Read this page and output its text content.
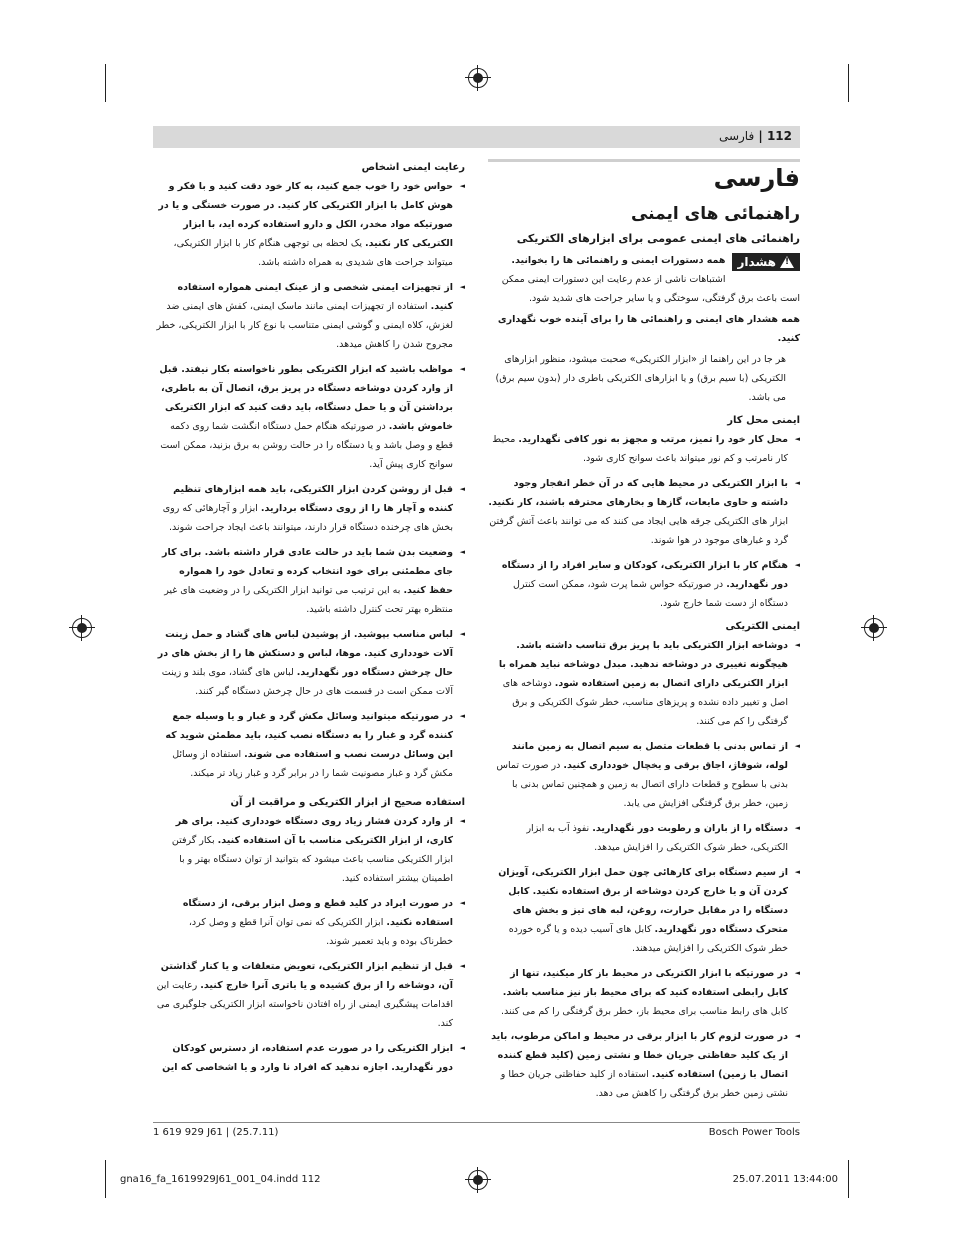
112 | فارسی
فارسی
راهنمائی های ایمنی
راهنمائی های ایمنی عمومی برای ابزارهای الکتریکی
!
هشدار

همه دستورات ایمنی و راهنمائی ها را بخوانید. اشتباهات ناشی از عدم رعایت این دستورات ایمنی ممکن است باعث برق گرفتگی، سوختگی و یا سایر جراحت های شدید شود.

همه هشدار های ایمنی و راهنمائی ها را برای آینده خوب نگهداری کنید.

هر جا در این راهنما از «ابزار الکتریکی» صحبت میشود، منظور ابزارهای الکتریکی (با سیم برق) و یا ابزارهای الکتریکی باطری دار (بدون سیم برق) می باشد.

ایمنی محل کار
◄ محل کار خود را تمیز، مرتب و مجهز به نور کافی نگهدارید. محیط کار نامرتب و کم نور میتواند باعث سوانح کاری شود.
◄ با ابزار الکتریکی در محیط هایی که در آن خطر انفجار وجود داشته و حاوی مایعات، گازها و بخارهای محترقه باشند، کار نکنید. ابزار های الکتریکی جرقه هایی ایجاد می کنند که می توانند باعث آتش گرفتن گرد و غبارهای موجود در هوا شوند.
◄ هنگام کار با ابزار الکتریکی، کودکان و سایر افراد را از دستگاه دور نگهدارید. در صورتیکه حواس شما پرت شود، ممکن است کنترل دستگاه از دست شما خارج شود.
ایمنی الکتریکی
◄ دوشاخه ابزار الکتریکی باید با پریز برق تناسب داشته باشد. هیچگونه تغییری در دوشاخه ندهید. مبدل دوشاخه نباید همراه با ابزار الکتریکی دارای اتصال به زمین استفاده شود. دوشاخه های اصل و تغییر داده نشده و پریزهای مناسب، خطر شوک الکتریکی و برق گرفتگی را کم می کنند.
◄ از تماس بدنی با قطعات متصل به سیم اتصال به زمین مانند لوله، شوفاژ، اجاق برقی و یخچال خودداری کنید. در صورت تماس بدنی با سطوح و قطعات دارای اتصال به زمین و همچنین تماس بدنی با زمین، خطر برق گرفتگی افزایش می یابد.
◄ دستگاه را از باران و رطوبت دور نگهدارید. نفوذ آب به ابزار الکتریکی، خطر شوک الکتریکی را افزایش میدهد.
◄ از سیم دستگاه برای کارهائی چون حمل ابزار الکتریکی، آویزان کردن آن و یا خارج کردن دوشاخه از برق استفاده نکنید. کابل دستگاه را در مقابل حرارت، روغن، لبه های تیز و بخش های متحرک دستگاه دور نگهدارید. کابل های آسیب دیده و یا گره خورده خطر شوک الکتریکی را افزایش میدهند.
◄ در صورتیکه با ابزار الکتریکی در محیط باز کار میکنید، تنها از کابل رابطی استفاده کنید که برای محیط باز نیز مناسب باشد. کابل های رابط مناسب برای محیط باز، خطر برق گرفتگی را کم می کنند.
◄ در صورت لزوم کار با ابزار برقی در محیط و اماکن مرطوب، باید از یک کلید حفاظتی جریان خطا و نشتی زمین (کلید قطع کننده اتصال با زمین) استفاده کنید. استفاده از کلید حفاظتی جریان خطا و نشتی زمین خطر برق گرفتگی را کاهش می دهد.
رعایت ایمنی اشخاص
◄ حواس خود را خوب جمع کنید، به کار خود دقت کنید و با فکر و هوش کامل با ابزار الکتریکی کار کنید. در صورت خستگی و یا در صورتیکه مواد مخدر، الکل و دارو استفاده کرده اید، با ابزار الکتریکی کار نکنید. یک لحظه بی توجهی هنگام کار با ابزار الکتریکی، میتواند جراحت های شدیدی به همراه داشته باشد.
◄ از تجهیزات ایمنی شخصی و از عینک ایمنی همواره استفاده کنید. استفاده از تجهیزات ایمنی مانند ماسک ایمنی، کفش های ایمنی ضد لغزش، کلاه ایمنی و گوشی ایمنی متناسب با نوع کار با ابزار الکتریکی، خطر مجروح شدن را کاهش میدهد.
◄ مواظب باشید که ابزار الکتریکی بطور ناخواسته بکار نیفتد. قبل از وارد کردن دوشاخه دستگاه در پریز برق، اتصال آن به باطری، برداشتن آن و یا حمل دستگاه، باید دقت کنید که ابزار الکتریکی خاموش باشد. در صورتیکه هنگام حمل دستگاه انگشت شما روی دکمه قطع و وصل باشد و یا دستگاه را در حالت روشن به برق بزنید، ممکن است سوانح کاری پیش آید.
◄ قبل از روشن کردن ابزار الکتریکی، باید همه ابزارهای تنظیم کننده و آچار ها را از روی دستگاه بردارید. ابزار و آچارهائی که روی بخش های چرخنده دستگاه قرار دارند، میتوانند باعث ایجاد جراحت شوند.
◄ وضعیت بدن شما باید در حالت عادی قرار داشته باشد. برای کار جای مطمئنی برای خود انتخاب کرده و تعادل خود را همواره حفظ کنید. به این ترتیب می توانید ابزار الکتریکی را در وضعیت های غیر منتظره بهتر تحت کنترل داشته باشید.
◄ لباس مناسب بپوشید. از پوشیدن لباس های گشاد و حمل زینت آلات خودداری کنید. موها، لباس و دستکش ها را از بخش های در حال چرخش دستگاه دور نگهدارید. لباس های گشاد، موی بلند و زینت آلات ممکن است در قسمت های در حال چرخش دستگاه گیر کنند.
◄ در صورتیکه میتوانید وسائل مکش گرد و غبار و یا وسیله جمع کننده گرد و غبار را به دستگاه نصب کنید، باید مطمئن شوید که این وسائل درست نصب و استفاده می شوند. استفاده از وسائل مکش گرد و غبار مصونیت شما را در برابر گرد و غبار زیاد تر میکند.
استفاده صحیح از ابزار الکتریکی و مراقبت از آن
◄ از وارد کردن فشار زیاد روی دستگاه خودداری کنید. برای هر کاری، از ابزار الکتریکی مناسب با آن استفاده کنید. بکار گرفتن ابزار الکتریکی مناسب باعث میشود که بتوانید از توان دستگاه بهتر و با اطمینان بیشتر استفاده کنید.
◄ در صورت ایراد در کلید قطع و وصل ابزار برقی، از دستگاه استفاده نکنید. ابزار الکتریکی که نمی توان آنرا قطع و وصل کرد، خطرناک بوده و باید تعمیر شوند.
◄ قبل از تنظیم ابزار الکتریکی، تعویض متعلقات و یا کنار گذاشتن آن، دوشاخه را از برق کشیده و یا باتری آنرا خارج کنید. رعایت این اقدامات پیشگیری ایمنی از راه افتادن ناخواسته ابزار الکتریکی جلوگیری می کند.
◄ ابزار الکتریکی را در صورت عدم استفاده، از دسترس کودکان دور نگهدارید. اجازه ندهید که افراد نا وارد و یا اشخاصی که این
1 619 929 J61 | (25.7.11)	Bosch Power Tools
gna16_fa_1619929J61_001_04.indd 112	25.07.2011 13:44:00
